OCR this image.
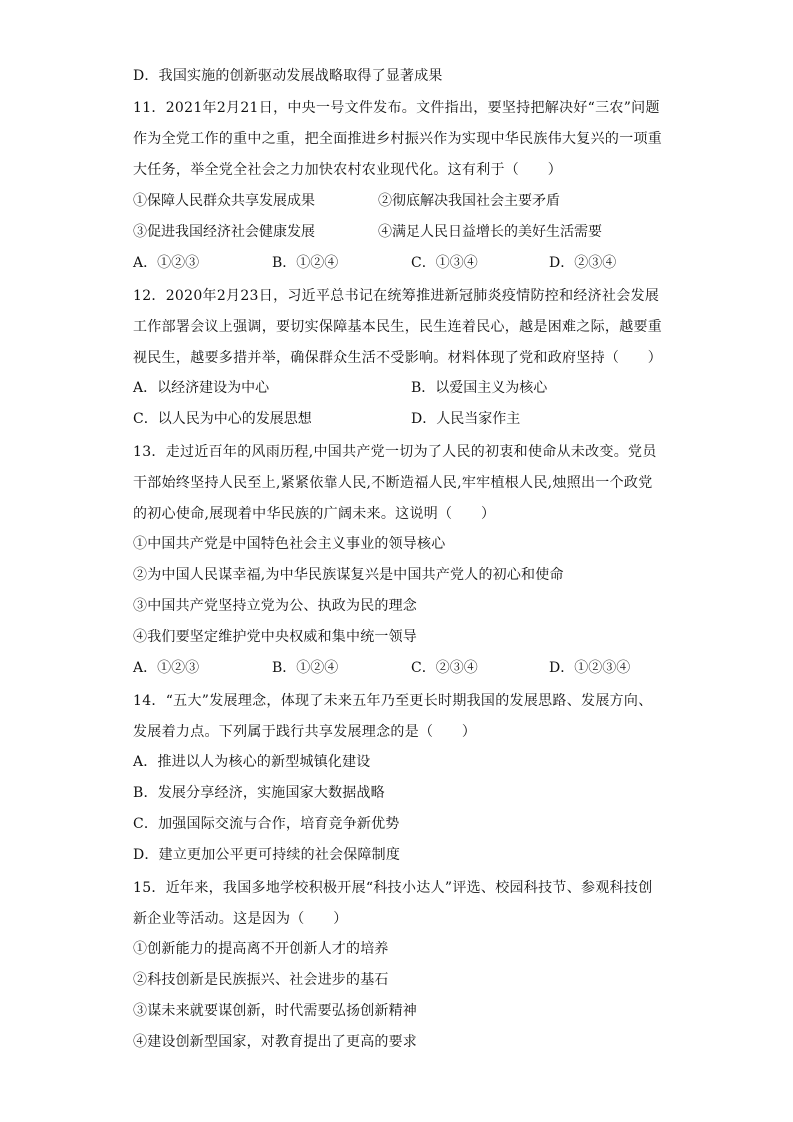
D．我国实施的创新驱动发展战略取得了显著成果
11．2021年2月21日，中央一号文件发布。文件指出，要坚持把解决好“三农”问题作为全党工作的重中之重，把全面推进乡村振兴作为实现中华民族伟大复兴的一项重大任务，举全党全社会之力加快农村农业现代化。这有利于（　　）
①保障人民群众共享发展成果	②彻底解决我国社会主要矛盾
③促进我国经济社会健康发展	④满足人民日益增长的美好生活需要
A．①②③	B．①②④	C．①③④	D．②③④
12．2020年2月23日，习近平总书记在统筹推进新冠肺炎疫情防控和经济社会发展工作部署会议上强调，要切实保障基本民生，民生连着民心，越是困难之际，越要重视民生，越要多措并举，确保群众生活不受影响。材料体现了党和政府坚持（　　）
A．以经济建设为中心	B．以爱国主义为核心
C．以人民为中心的发展思想	D．人民当家作主
13．走过近百年的风雨历程,中国共产党一切为了人民的初衷和使命从未改变。党员干部始终坚持人民至上,紧紧依靠人民,不断造福人民,牢牢植根人民,烛照出一个政党的初心使命,展现着中华民族的广阔未来。这说明（　　）
①中国共产党是中国特色社会主义事业的领导核心
②为中国人民谋幸福,为中华民族谋复兴是中国共产党人的初心和使命
③中国共产党坚持立党为公、执政为民的理念
④我们要坚定维护党中央权威和集中统一领导
A．①②③	B．①②④	C．②③④	D．①②③④
14．“五大”发展理念，体现了未来五年乃至更长时期我国的发展思路、发展方向、发展着力点。下列属于践行共享发展理念的是（　　）
A．推进以人为核心的新型城镇化建设
B．发展分享经济，实施国家大数据战略
C．加强国际交流与合作，培育竞争新优势
D．建立更加公平更可持续的社会保障制度
15．近年来，我国多地学校积极开展“科技小达人”评选、校园科技节、参观科技创新企业等活动。这是因为（　　）
①创新能力的提高离不开创新人才的培养
②科技创新是民族振兴、社会进步的基石
③谋未来就要谋创新，时代需要弘扬创新精神
④建设创新型国家，对教育提出了更高的要求
